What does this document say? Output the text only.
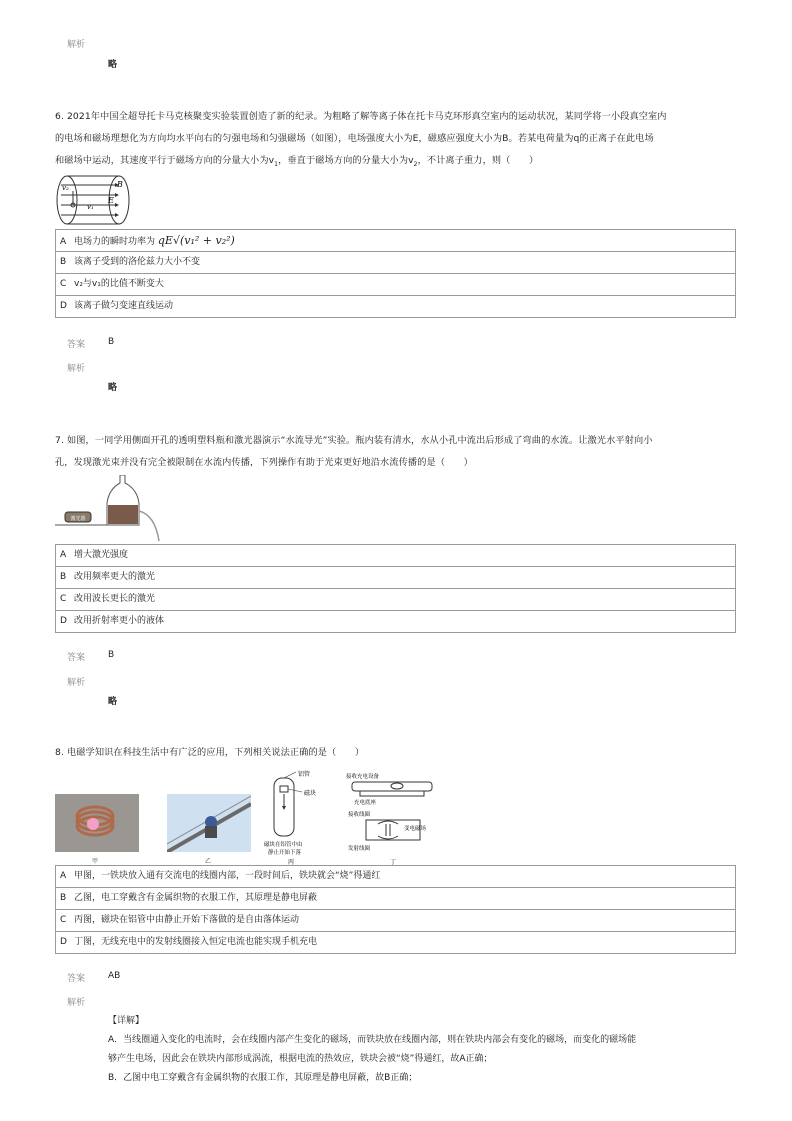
解析
略
6. 2021年中国全超导托卡马克核聚变实验装置创造了新的纪录。为粗略了解等离子体在托卡马克环形真空室内的运动状况，某同学将一小段真空室内
的电场和磁场理想化为方向均水平向右的匀强电场和匀强磁场（如图），电场强度大小为E，磁感应强度大小为B。若某电荷量为q的正离子在此电场
和磁场中运动，其速度平行于磁场方向的分量大小为$v_1$，垂直于磁场方向的分量大小为$v_2$，不计离子重力，则（　　）
v₂
v₁
B
E
A 电场力的瞬时功率为 qE√(v₁² + v₂²)
B 该离子受到的洛伦兹力大小不变
C v₂与v₁的比值不断变大
D 该离子做匀变速直线运动
答案	B
解析
略
7. 如图，一同学用侧面开孔的透明塑料瓶和激光器演示“水流导光”实验。瓶内装有清水，水从小孔中流出后形成了弯曲的水流。让激光水平射向小
孔，发现激光束并没有完全被限制在水流内传播，下列操作有助于光束更好地沿水流传播的是（　　）
激光器
A 增大激光强度
B 改用频率更大的激光
C 改用波长更长的激光
D 改用折射率更小的液体
答案	B
解析
略
8. 电磁学知识在科技生活中有广泛的应用，下列相关说法正确的是（　　）
甲	乙
铝管
磁块
磁块在铝管中由
静止开始下落
丙
接收充电设备
充电底座
接收线圈
变电磁场
发射线圈
丁
A 甲图，一铁块放入通有交流电的线圈内部，一段时间后，铁块就会“烧”得通红
B 乙图，电工穿戴含有金属织物的衣服工作，其原理是静电屏蔽
C 丙图，磁块在铝管中由静止开始下落做的是自由落体运动
D 丁图，无线充电中的发射线圈接入恒定电流也能实现手机充电
答案	AB
解析
【详解】
A．当线圈通入变化的电流时，会在线圈内部产生变化的磁场，而铁块放在线圈内部，则在铁块内部会有变化的磁场，而变化的磁场能
够产生电场，因此会在铁块内部形成涡流，根据电流的热效应，铁块会被“烧”得通红，故A正确；
B．乙图中电工穿戴含有金属织物的衣服工作，其原理是静电屏蔽，故B正确；
